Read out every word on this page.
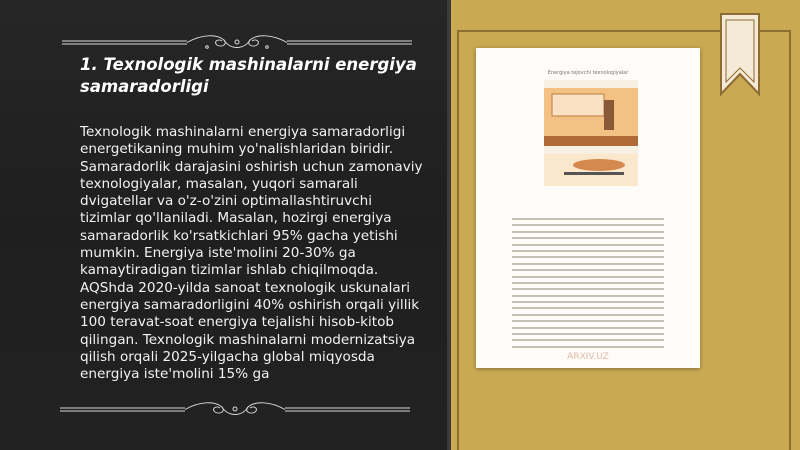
1. Texnologik mashinalarni energiya samaradorligi

Texnologik mashinalarni energiya samaradorligi energetikaning muhim yo'nalishlaridan biridir. Samaradorlik darajasini oshirish uchun zamonaviy texnologiyalar, masalan, yuqori samarali dvigatellar va o'z-o'zini optimallashtiruvchi tizimlar qo'llaniladi. Masalan, hozirgi energiya samaradorlik ko'rsatkichlari 95% gacha yetishi mumkin. Energiya iste'molini 20-30% ga kamaytiradigan tizimlar ishlab chiqilmoqda. AQShda 2020-yilda sanoat texnologik uskunalari energiya samaradorligini 40% oshirish orqali yillik 100 teravat-soat energiya tejalishi hisob-kitob qilingan. Texnologik mashinalarni modernizatsiya qilish orqali 2025-yilgacha global miqyosda energiya iste'molini 15% ga

Energiya tejovchi texnologiyalar

ARXIV.UZ
